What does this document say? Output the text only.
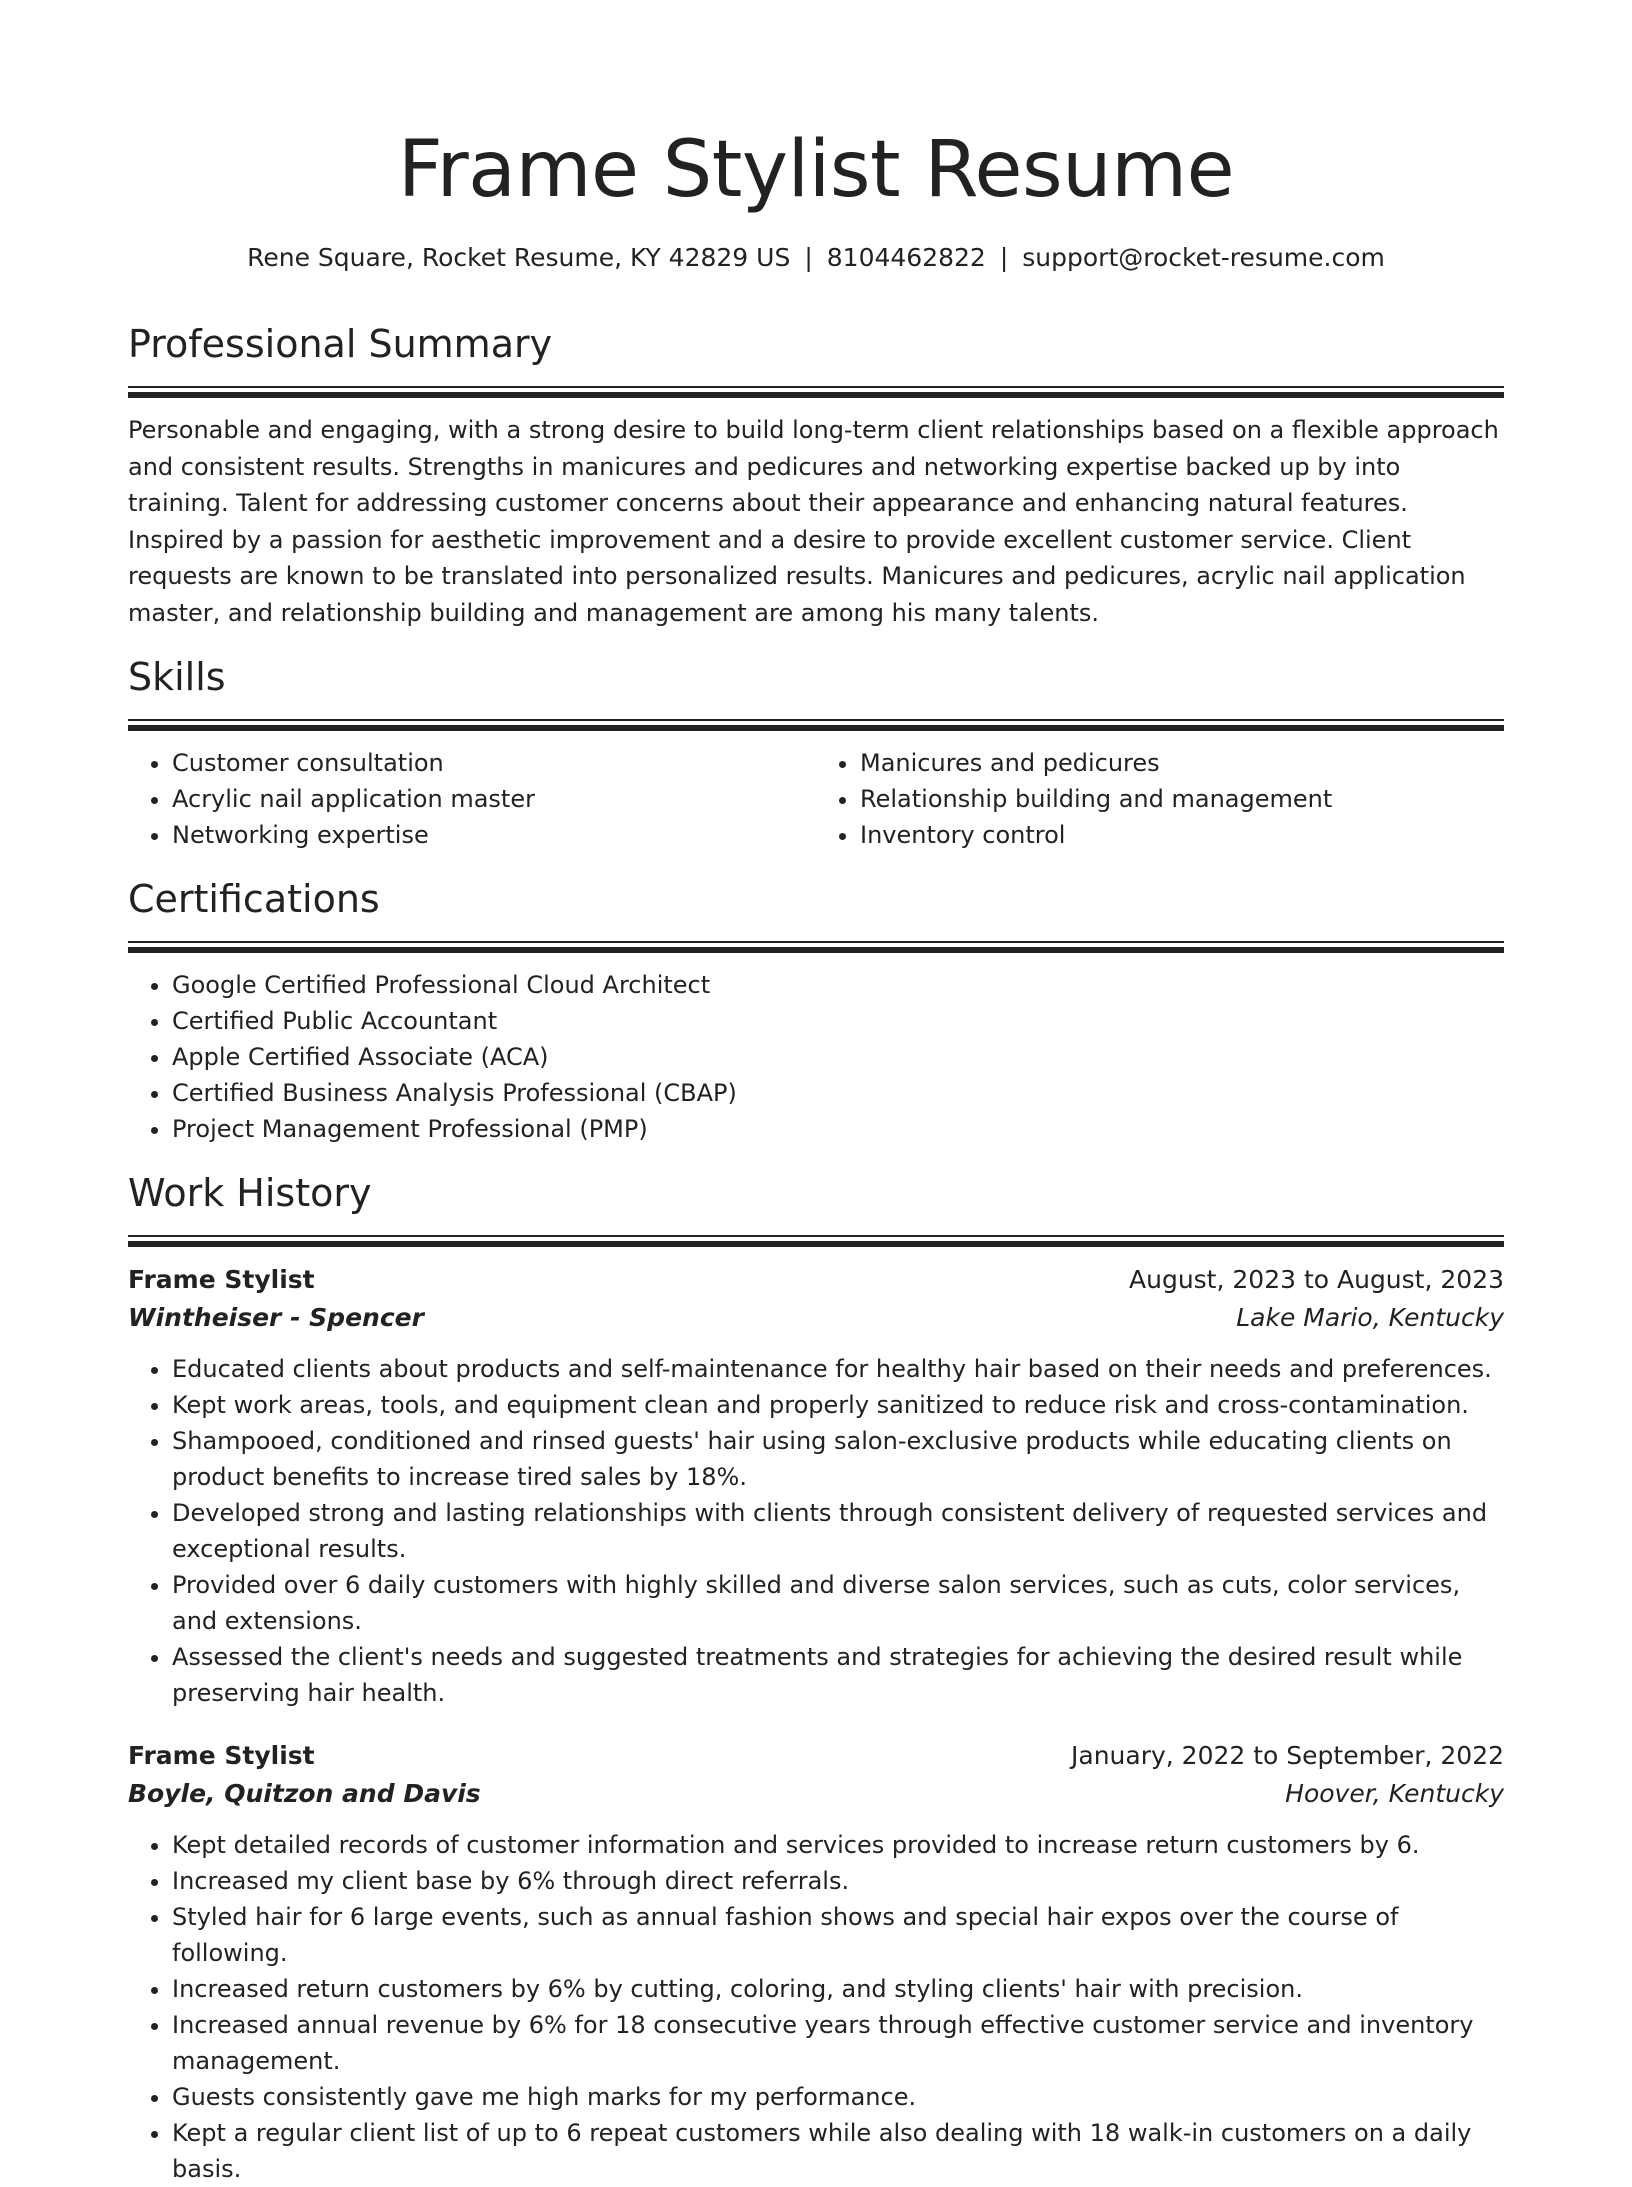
Frame Stylist Resume
Rene Square, Rocket Resume, KY 42829 US | 8104462822 | support@rocket-resume.com
Professional Summary

Personable and engaging, with a strong desire to build long-term client relationships based on a flexible approach and consistent results. Strengths in manicures and pedicures and networking expertise backed up by into training. Talent for addressing customer concerns about their appearance and enhancing natural features. Inspired by a passion for aesthetic improvement and a desire to provide excellent customer service. Client requests are known to be translated into personalized results. Manicures and pedicures, acrylic nail application master, and relationship building and management are among his many talents.

Skills
• Customer consultation
• Acrylic nail application master
• Networking expertise
• Manicures and pedicures
• Relationship building and management
• Inventory control
Certifications
• Google Certified Professional Cloud Architect
• Certified Public Accountant
• Apple Certified Associate (ACA)
• Certified Business Analysis Professional (CBAP)
• Project Management Professional (PMP)
Work History
Frame Stylist	August, 2023 to August, 2023
Wintheiser - Spencer	Lake Mario, Kentucky
• Educated clients about products and self-maintenance for healthy hair based on their needs and preferences.
• Kept work areas, tools, and equipment clean and properly sanitized to reduce risk and cross-contamination.
• Shampooed, conditioned and rinsed guests' hair using salon-exclusive products while educating clients on product benefits to increase tired sales by 18%.
• Developed strong and lasting relationships with clients through consistent delivery of requested services and exceptional results.
• Provided over 6 daily customers with highly skilled and diverse salon services, such as cuts, color services, and extensions.
• Assessed the client's needs and suggested treatments and strategies for achieving the desired result while preserving hair health.
Frame Stylist	January, 2022 to September, 2022
Boyle, Quitzon and Davis	Hoover, Kentucky
• Kept detailed records of customer information and services provided to increase return customers by 6.
• Increased my client base by 6% through direct referrals.
• Styled hair for 6 large events, such as annual fashion shows and special hair expos over the course of following.
• Increased return customers by 6% by cutting, coloring, and styling clients' hair with precision.
• Increased annual revenue by 6% for 18 consecutive years through effective customer service and inventory management.
• Guests consistently gave me high marks for my performance.
• Kept a regular client list of up to 6 repeat customers while also dealing with 18 walk-in customers on a daily basis.
